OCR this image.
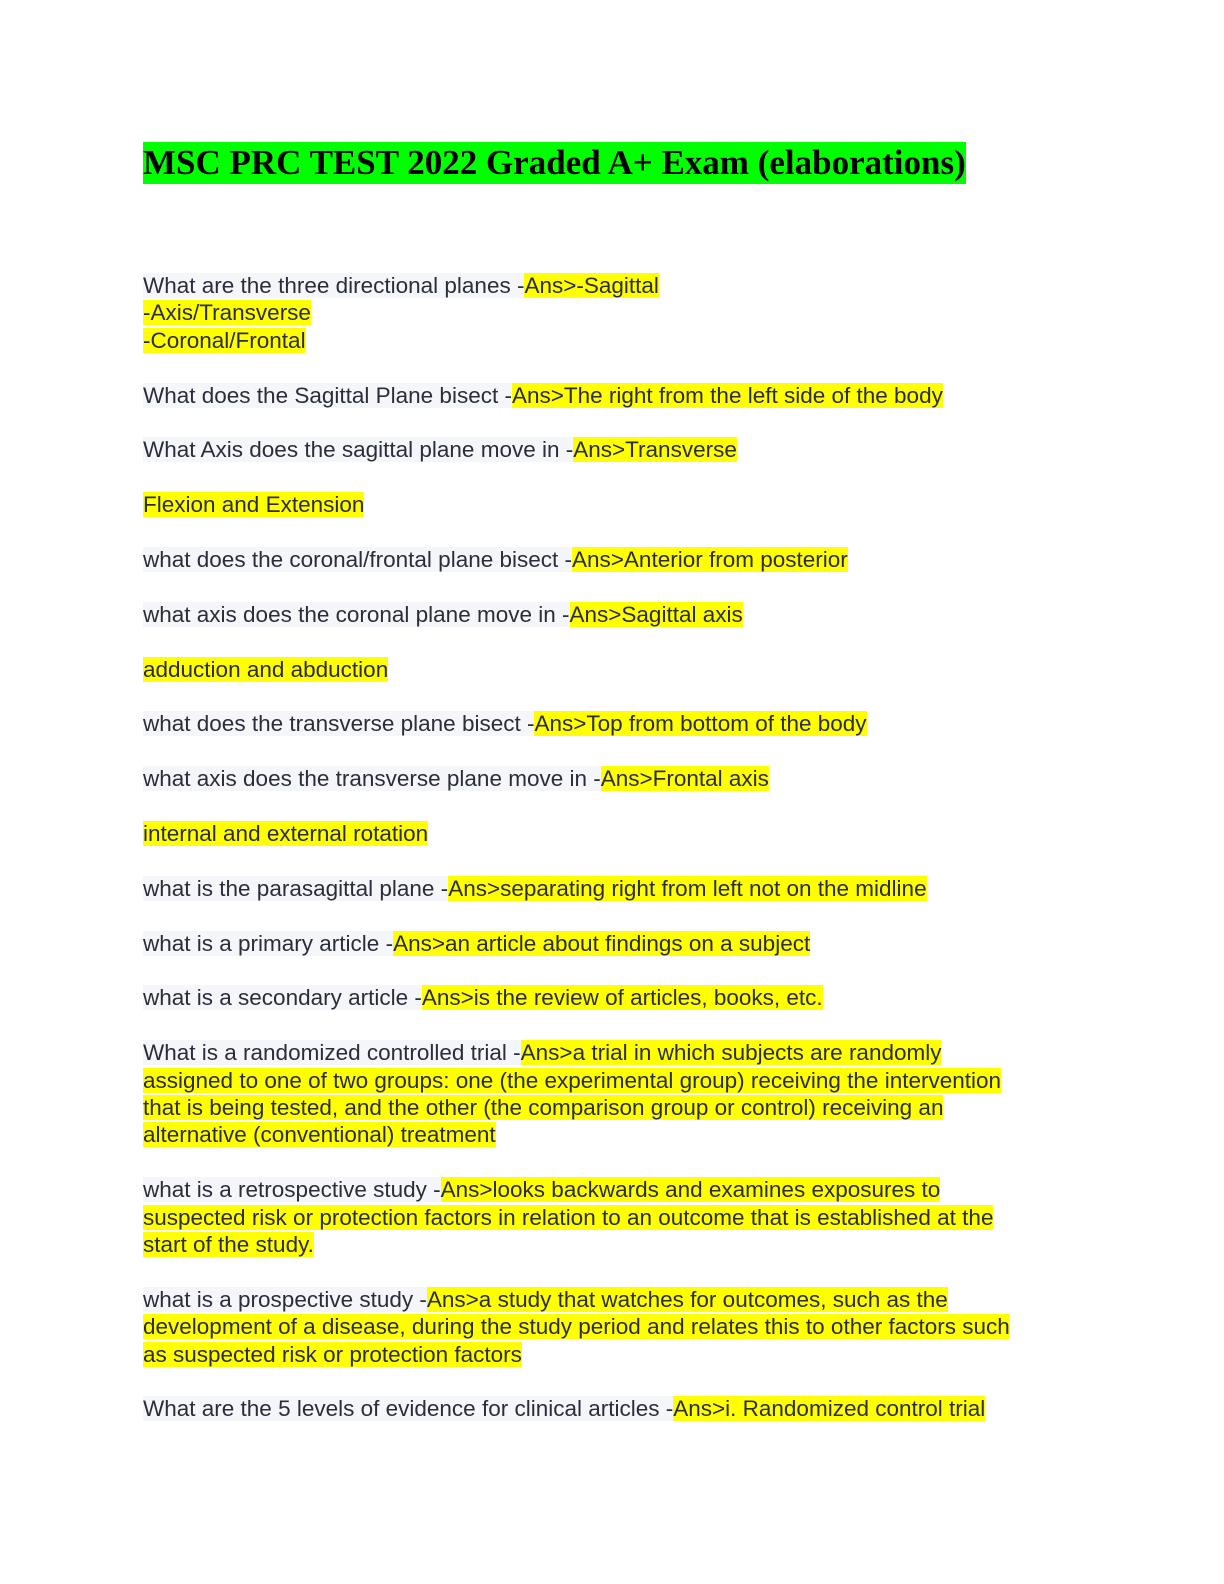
MSC PRC TEST 2022 Graded A+ Exam (elaborations)
What are the three directional planes -Ans>-Sagittal
-Axis/Transverse
-Coronal/Frontal
What does the Sagittal Plane bisect -Ans>The right from the left side of the body
What Axis does the sagittal plane move in -Ans>Transverse
Flexion and Extension
what does the coronal/frontal plane bisect -Ans>Anterior from posterior
what axis does the coronal plane move in -Ans>Sagittal axis
adduction and abduction
what does the transverse plane bisect -Ans>Top from bottom of the body
what axis does the transverse plane move in -Ans>Frontal axis
internal and external rotation
what is the parasagittal plane -Ans>separating right from left not on the midline
what is a primary article -Ans>an article about findings on a subject
what is a secondary article -Ans>is the review of articles, books, etc.
What is a randomized controlled trial -Ans>a trial in which subjects are randomly
assigned to one of two groups: one (the experimental group) receiving the intervention
that is being tested, and the other (the comparison group or control) receiving an
alternative (conventional) treatment
what is a retrospective study -Ans>looks backwards and examines exposures to
suspected risk or protection factors in relation to an outcome that is established at the
start of the study.
what is a prospective study -Ans>a study that watches for outcomes, such as the
development of a disease, during the study period and relates this to other factors such
as suspected risk or protection factors
What are the 5 levels of evidence for clinical articles -Ans>i. Randomized control trial
